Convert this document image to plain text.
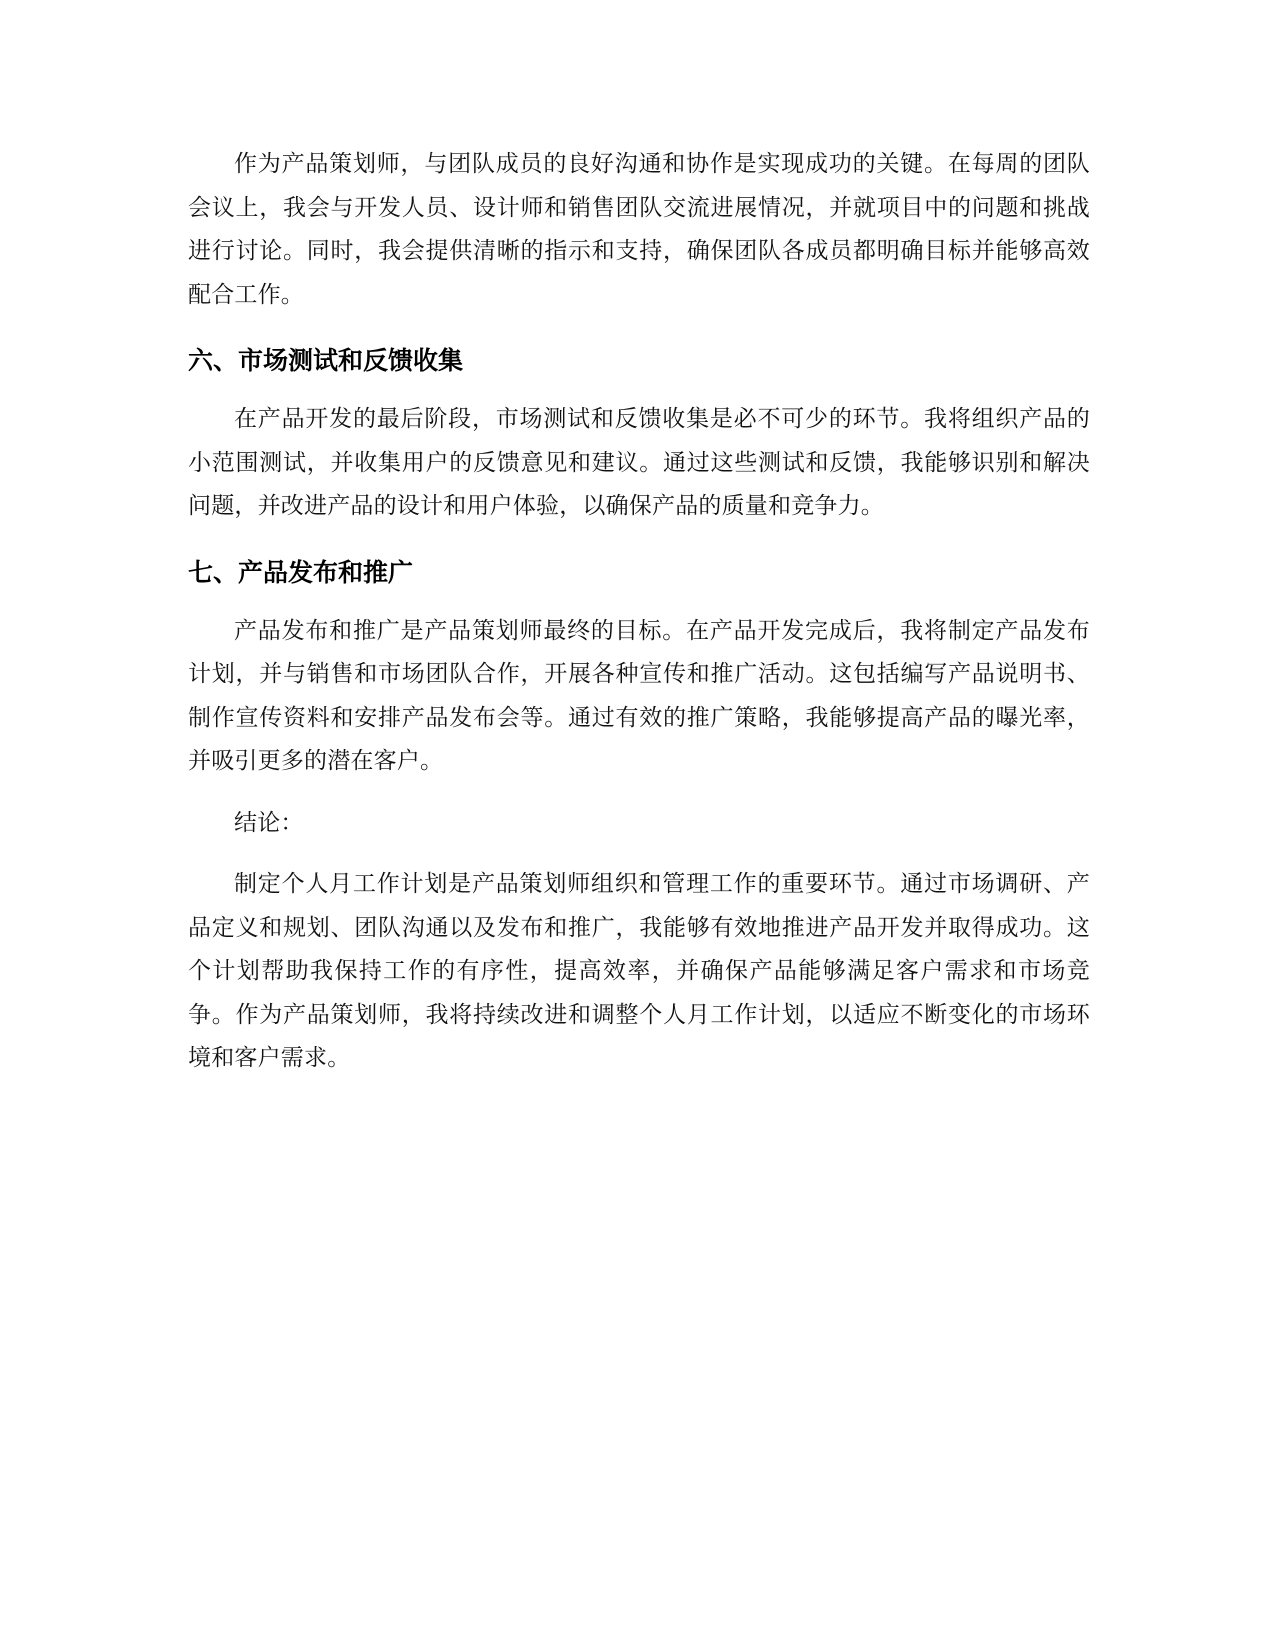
作为产品策划师，与团队成员的良好沟通和协作是实现成功的关键。在每周的团队会议上，我会与开发人员、设计师和销售团队交流进展情况，并就项目中的问题和挑战进行讨论。同时，我会提供清晰的指示和支持，确保团队各成员都明确目标并能够高效配合工作。

六、市场测试和反馈收集

在产品开发的最后阶段，市场测试和反馈收集是必不可少的环节。我将组织产品的小范围测试，并收集用户的反馈意见和建议。通过这些测试和反馈，我能够识别和解决问题，并改进产品的设计和用户体验，以确保产品的质量和竞争力。

七、产品发布和推广

产品发布和推广是产品策划师最终的目标。在产品开发完成后，我将制定产品发布计划，并与销售和市场团队合作，开展各种宣传和推广活动。这包括编写产品说明书、制作宣传资料和安排产品发布会等。通过有效的推广策略，我能够提高产品的曝光率，并吸引更多的潜在客户。

结论：

制定个人月工作计划是产品策划师组织和管理工作的重要环节。通过市场调研、产品定义和规划、团队沟通以及发布和推广，我能够有效地推进产品开发并取得成功。这个计划帮助我保持工作的有序性，提高效率，并确保产品能够满足客户需求和市场竞争。作为产品策划师，我将持续改进和调整个人月工作计划，以适应不断变化的市场环境和客户需求。
